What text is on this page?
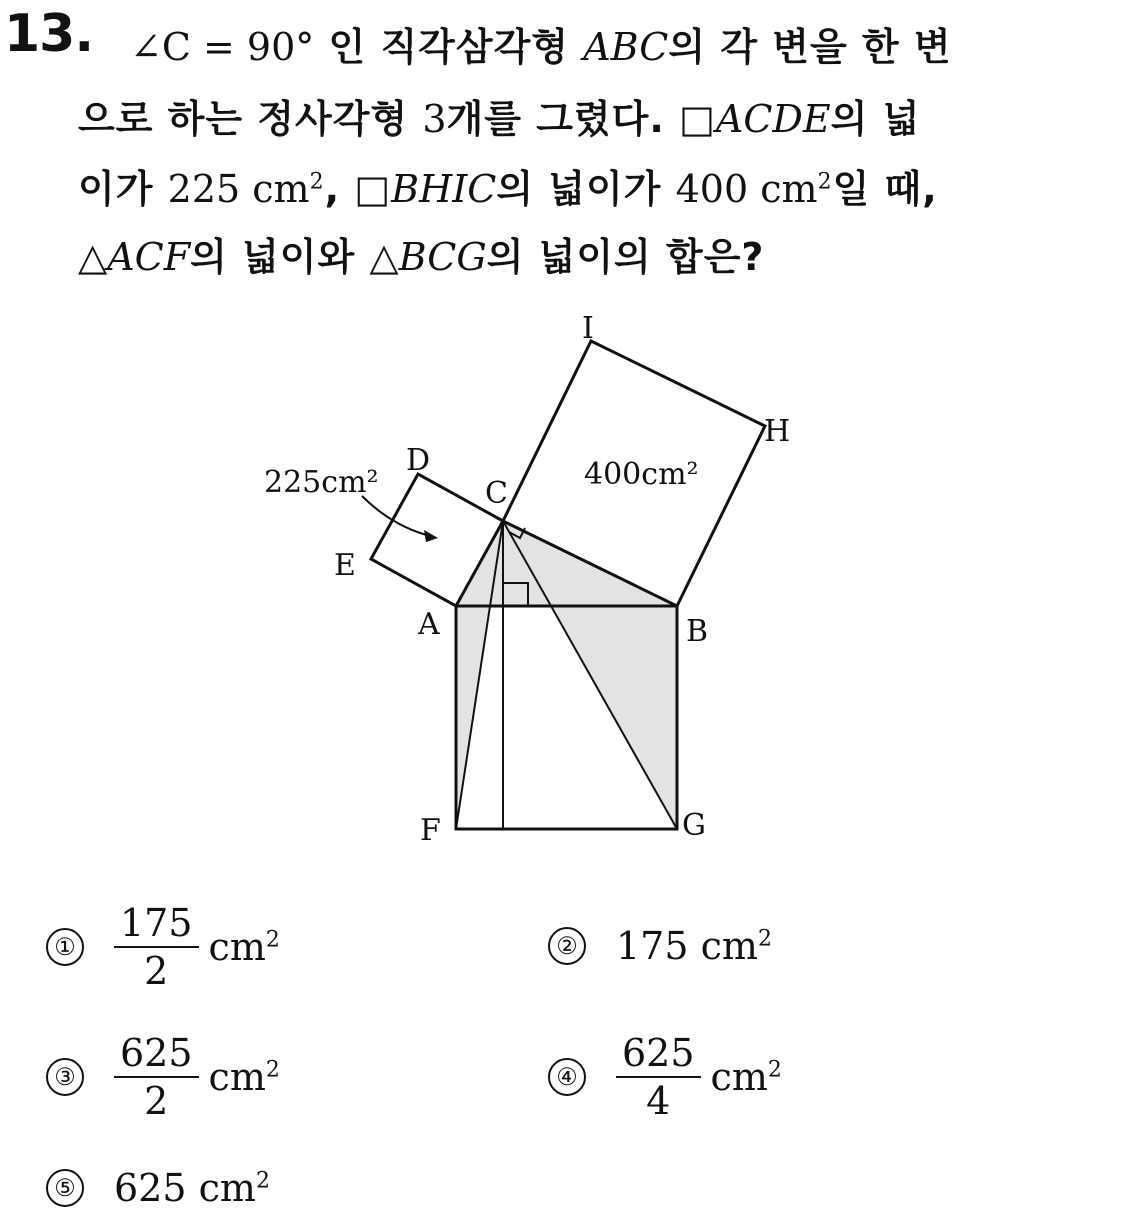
13. ∠C = 90° 인 직각삼각형 ABC의 각 변을 한 변
으로 하는 정사각형 3개를 그렸다. □ACDE의 넓
이가 225 $cm^2$, □BHIC의 넓이가 400 $cm^2$일 때,
△ACF의 넓이와 △BCG의 넓이의 합은?
I
H
D
C
E
A	B
F	G
225cm²	400cm²
① $\frac{175}{2} cm^2$	② 175 $cm^2$
③ $\frac{625}{2} cm^2$	④ $\frac{625}{4} cm^2$
⑤ 625 $cm^2$
